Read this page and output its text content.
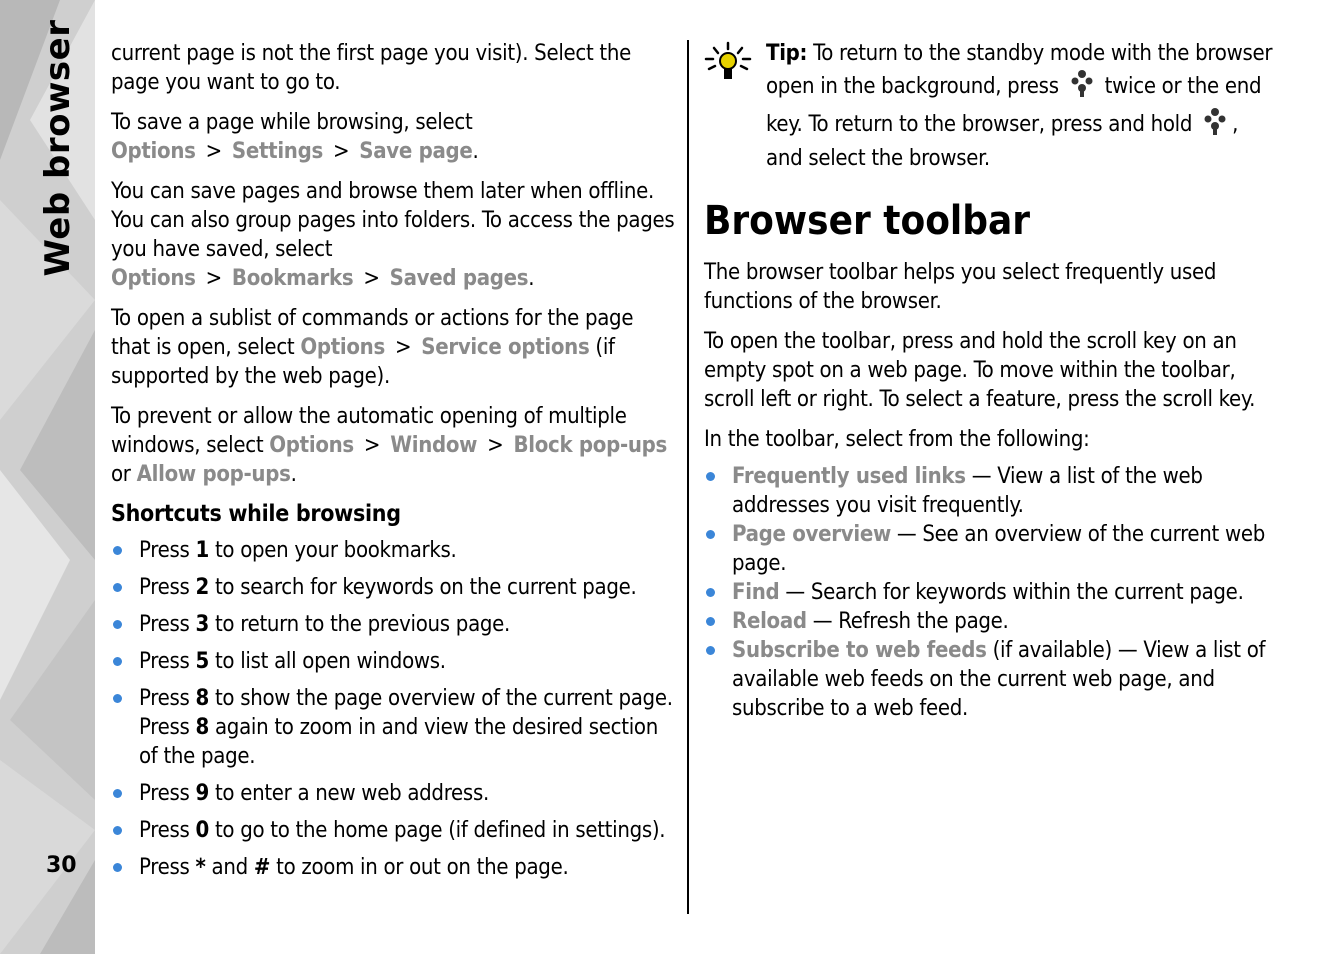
Web browser
30

current page is not the first page you visit). Select the page you want to go to.

To save a page while browsing, select Options > Settings > Save page.

You can save pages and browse them later when offline. You can also group pages into folders. To access the pages you have saved, select Options > Bookmarks > Saved pages.

To open a sublist of commands or actions for the page that is open, select Options > Service options (if supported by the web page).

To prevent or allow the automatic opening of multiple windows, select Options > Window > Block pop-ups or Allow pop-ups.

Shortcuts while browsing
Press 1 to open your bookmarks.
Press 2 to search for keywords on the current page.
Press 3 to return to the previous page.
Press 5 to list all open windows.
Press 8 to show the page overview of the current page. Press 8 again to zoom in and view the desired section of the page.
Press 9 to enter a new web address.
Press 0 to go to the home page (if defined in settings).
Press * and # to zoom in or out on the page.
Tip: To return to the standby mode with the browser open in the background, press  twice or the end key. To return to the browser, press and hold , and select the browser.
Browser toolbar

The browser toolbar helps you select frequently used functions of the browser.

To open the toolbar, press and hold the scroll key on an empty spot on a web page. To move within the toolbar, scroll left or right. To select a feature, press the scroll key.

In the toolbar, select from the following:

Frequently used links — View a list of the web addresses you visit frequently.
Page overview — See an overview of the current web page.
Find — Search for keywords within the current page.
Reload — Refresh the page.
Subscribe to web feeds (if available) — View a list of available web feeds on the current web page, and subscribe to a web feed.
